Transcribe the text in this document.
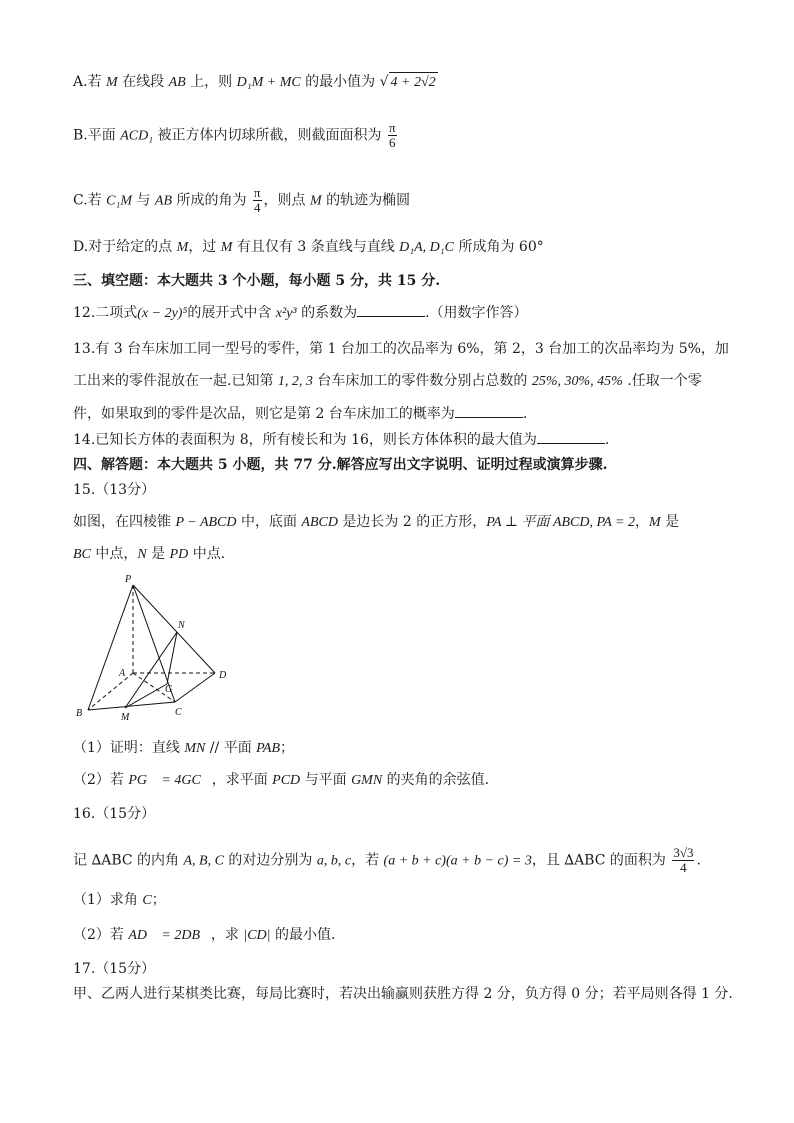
A.若 M 在线段 AB 上，则 D₁M + MC 的最小值为 √ 4 + 2√2
B.平面 ACD₁ 被正方体内切球所截，则截面面积为 $\frac{\pi}{6}$
C.若 C₁M 与 AB 所成的角为 $\frac{\pi}{4}$ ，则点 M 的轨迹为椭圆
D.对于给定的点 M，过 M 有且仅有 3 条直线与直线 D₁A, D₁C 所成角为 60°
三、填空题：本大题共 3 个小题，每小题 5 分，共 15 分.
12.二项式(x − 2y)⁵的展开式中含 x²y³ 的系数为	.（用数字作答）
13.有 3 台车床加工同一型号的零件，第 1 台加工的次品率为 6%，第 2，3 台加工的次品率均为 5%，加
工出来的零件混放在一起.已知第 1, 2, 3 台车床加工的零件数分别占总数的 25%, 30%, 45% .任取一个零
件，如果取到的零件是次品，则它是第 2 台车床加工的概率为	.
14.已知长方体的表面积为 8，所有棱长和为 16，则长方体体积的最大值为	.
四、解答题：本大题共 5 小题，共 77 分.解答应写出文字说明、证明过程或演算步骤.
15.（13分）
如图，在四棱锥 P − ABCD 中，底面 ABCD 是边长为 2 的正方形，PA ⊥ 平面 ABCD, PA = 2，M 是
BC 中点，N 是 PD 中点.
P
N
A	D
G
B	M	C
（1）证明：直线 MN // 平面 PAB；
（2）若 PG⃗ = 4GC⃗，求平面 PCD 与平面 GMN 的夹角的余弦值.
16.（15分）
记 ∆ABC 的内角 A, B, C 的对边分别为 a, b, c，若 (a + b + c)(a + b − c) = 3，且 ∆ABC 的面积为 $\frac{3√3}{4}$ .
（1）求角 C；
（2）若 AD⃗ = 2DB⃗，求 |CD| 的最小值.
17.（15分）
甲、乙两人进行某棋类比赛，每局比赛时，若决出输赢则获胜方得 2 分，负方得 0 分；若平局则各得 1 分.
